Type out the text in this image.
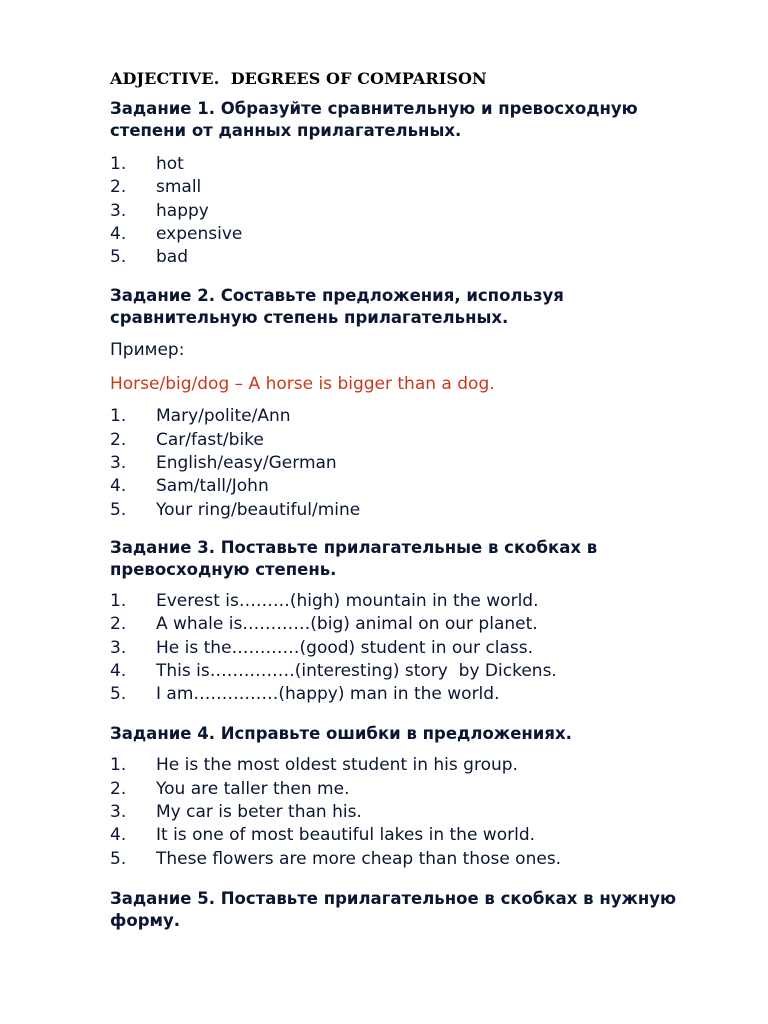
ADJECTIVE.  DEGREES OF COMPARISON

Задание 1. Образуйте сравнительную и превосходную степени от данных прилагательных.

1.	hot
2.	small
3.	happy
4.	expensive
5.	bad

Задание 2. Составьте предложения, используя сравнительную степень прилагательных.

Пример:

Horse/big/dog – A horse is bigger than a dog.

1.	Mary/polite/Ann
2.	Car/fast/bike
3.	English/easy/German
4.	Sam/tall/John
5.	Your ring/beautiful/mine

Задание 3. Поставьте прилагательные в скобках в превосходную степень.

1.	Everest is………(high) mountain in the world.
2.	A whale is…………(big) animal on our planet.
3.	He is the…………(good) student in our class.
4.	This is……………(interesting) story  by Dickens.
5.	I am……………(happy) man in the world.

Задание 4. Исправьте ошибки в предложениях.

1.	He is the most oldest student in his group.
2.	You are taller then me.
3.	My car is beter than his.
4.	It is one of most beautiful lakes in the world.
5.	These flowers are more cheap than those ones.

Задание 5. Поставьте прилагательное в скобках в нужную форму.
